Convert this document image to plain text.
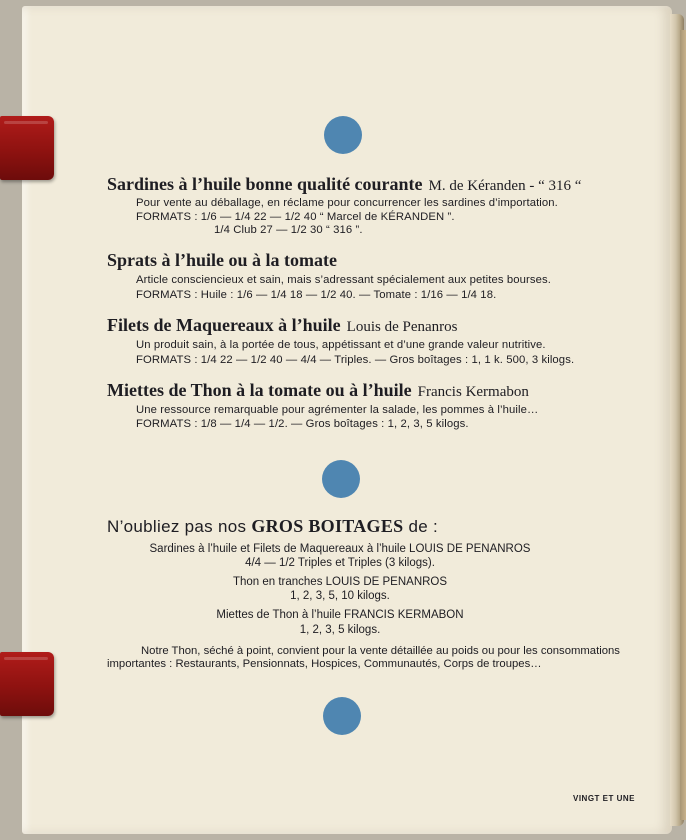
Sardines à l’huile bonne qualité courante M. de Kéranden - “ 316 “
Pour vente au déballage, en réclame pour concurrencer les sardines d’importation.
FORMATS : 1/6 — 1/4 22 — 1/2 40 “ Marcel de KÉRANDEN ”.
1/4 Club 27 — 1/2 30 “ 316 ”.
Sprats à l’huile ou à la tomate
Article consciencieux et sain, mais s’adressant spécialement aux petites bourses.
FORMATS : Huile : 1/6 — 1/4 18 — 1/2 40. — Tomate : 1/16 — 1/4 18.
Filets de Maquereaux à l’huile Louis de Penanros
Un produit sain, à la portée de tous, appétissant et d’une grande valeur nutritive.
FORMATS : 1/4 22 — 1/2 40 — 4/4 — Triples. — Gros boîtages : 1, 1 k. 500, 3 kilogs.
Miettes de Thon à la tomate ou à l’huile Francis Kermabon
Une ressource remarquable pour agrémenter la salade, les pommes à l’huile…
FORMATS : 1/8 — 1/4 — 1/2. — Gros boîtages : 1, 2, 3, 5 kilogs.
N’oubliez pas nos GROS BOITAGES de :
Sardines à l’huile et Filets de Maquereaux à l’huile LOUIS DE PENANROS
4/4 — 1/2 Triples et Triples (3 kilogs).
Thon en tranches LOUIS DE PENANROS
1, 2, 3, 5, 10 kilogs.
Miettes de Thon à l’huile FRANCIS KERMABON
1, 2, 3, 5 kilogs.
Notre Thon, séché à point, convient pour la vente détaillée au poids ou pour les consommations importantes : Restaurants, Pensionnats, Hospices, Communautés, Corps de troupes…
VINGT ET UNE
